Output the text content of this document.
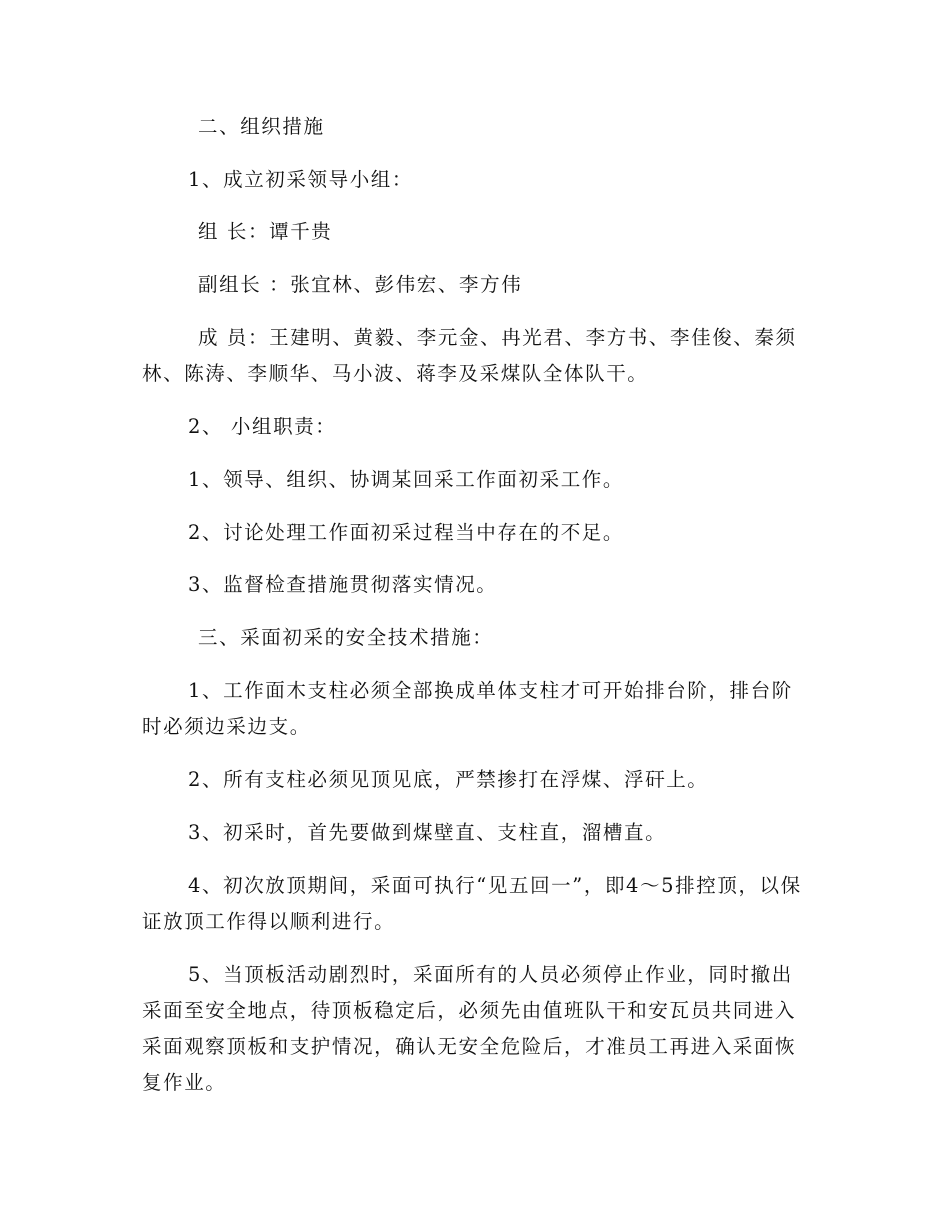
二、组织措施

1、成立初采领导小组：

组 长：谭千贵

副组长 ：张宜林、彭伟宏、李方伟

成 员：王建明、黄毅、李元金、冉光君、李方书、李佳俊、秦须林、陈涛、李顺华、马小波、蒋李及采煤队全体队干。

2、 小组职责：

1、领导、组织、协调某回采工作面初采工作。

2、讨论处理工作面初采过程当中存在的不足。

3、监督检查措施贯彻落实情况。

三、采面初采的安全技术措施：

1、工作面木支柱必须全部换成单体支柱才可开始排台阶，排台阶时必须边采边支。

2、所有支柱必须见顶见底，严禁掺打在浮煤、浮矸上。

3、初采时，首先要做到煤壁直、支柱直，溜槽直。

4、初次放顶期间，采面可执行“见五回一”，即4～5排控顶，以保证放顶工作得以顺利进行。

5、当顶板活动剧烈时，采面所有的人员必须停止作业，同时撤出采面至安全地点，待顶板稳定后，必须先由值班队干和安瓦员共同进入采面观察顶板和支护情况，确认无安全危险后，才准员工再进入采面恢复作业。
